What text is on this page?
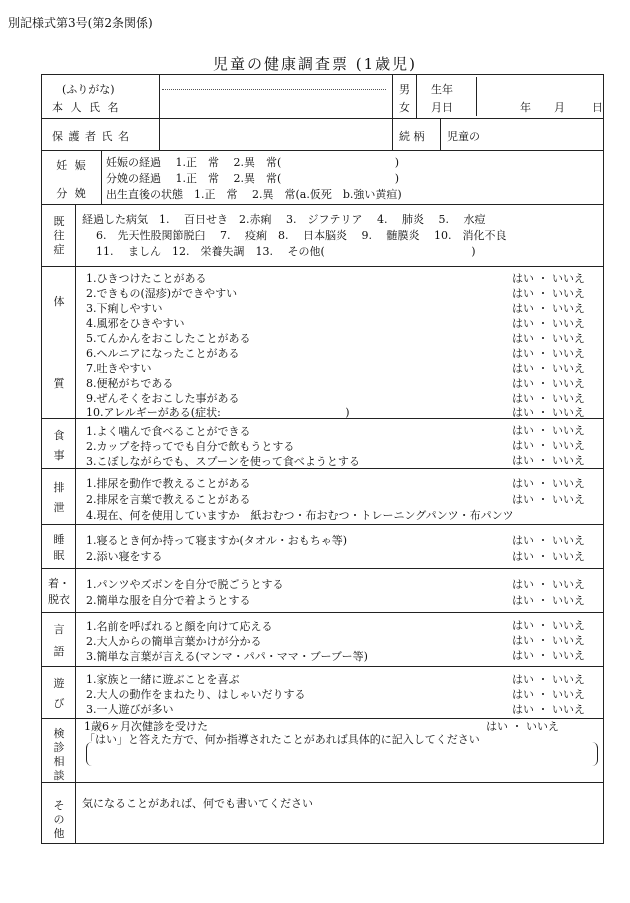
別記様式第3号(第2条関係)
児童の健康調査票 (1歳児)
(ふりがな)
本 人 氏 名
男
女
生年
月日	年 月 日
保 護 者 氏 名	続 柄 児童の
妊 娠
分 娩
妊娠の経過　 1.正　常　 2.異　常(　　　　　　　　　　 )
分娩の経過　 1.正　常　 2.異　常(　　　　　　　　　　 )
出生直後の状態　1.正　常　 2.異　常(a.仮死　b.強い黄疸)
既
往
症
経過した病気　1.　 百日せき　2.赤痢　 3.　ジフテリア　 4.　 肺炎　 5.　 水痘
6.　先天性股関節脱臼　 7.　 疫痢　8.　 日本脳炎　 9.　 髄膜炎　 10.　消化不良
11.　 ましん　12.　栄養失調　13.　 その他(　　　　　　　　　　　　　 )
体
質
1.ひきつけたことがある	はい ・ いいえ
2.できもの(湿疹)ができやすい	はい ・ いいえ
3.下痢しやすい	はい ・ いいえ
4.風邪をひきやすい	はい ・ いいえ
5.てんかんをおこしたことがある	はい ・ いいえ
6.ヘルニアになったことがある	はい ・ いいえ
7.吐きやすい	はい ・ いいえ
8.便秘がちである	はい ・ いいえ
9.ぜんそくをおこした事がある	はい ・ いいえ
10.アレルギーがある(症状:　　　　　　　　　　　 )	はい ・ いいえ
食
事
1.よく噛んで食べることができる	はい ・ いいえ
2.カップを持ってでも自分で飲もうとする	はい ・ いいえ
3.こぼしながらでも、スプーンを使って食べようとする	はい ・ いいえ
排
泄
1.排尿を動作で教えることがある	はい ・ いいえ
2.排尿を言葉で教えることがある	はい ・ いいえ
4.現在、何を使用していますか　紙おむつ・布おむつ・トレーニングパンツ・布パンツ
睡
眠
1.寝るとき何か持って寝ますか(タオル・おもちゃ等)	はい ・ いいえ
2.添い寝をする	はい ・ いいえ
着・
脱衣
1.パンツやズボンを自分で脱ごうとする	はい ・ いいえ
2.簡単な服を自分で着ようとする	はい ・ いいえ
言
語
1.名前を呼ばれると顔を向けて応える	はい ・ いいえ
2.大人からの簡単言葉かけが分かる	はい ・ いいえ
3.簡単な言葉が言える(マンマ・パパ・ママ・ブーブー等)	はい ・ いいえ
遊
び
1.家族と一緒に遊ぶことを喜ぶ	はい ・ いいえ
2.大人の動作をまねたり、はしゃいだりする	はい ・ いいえ
3.一人遊びが多い	はい ・ いいえ
検
診
相
談
1歳6ヶ月次健診を受けた	はい ・ いいえ
「はい」と答えた方で、何か指導されたことがあれば具体的に記入してください
そ
の
他
気になることがあれば、何でも書いてください
